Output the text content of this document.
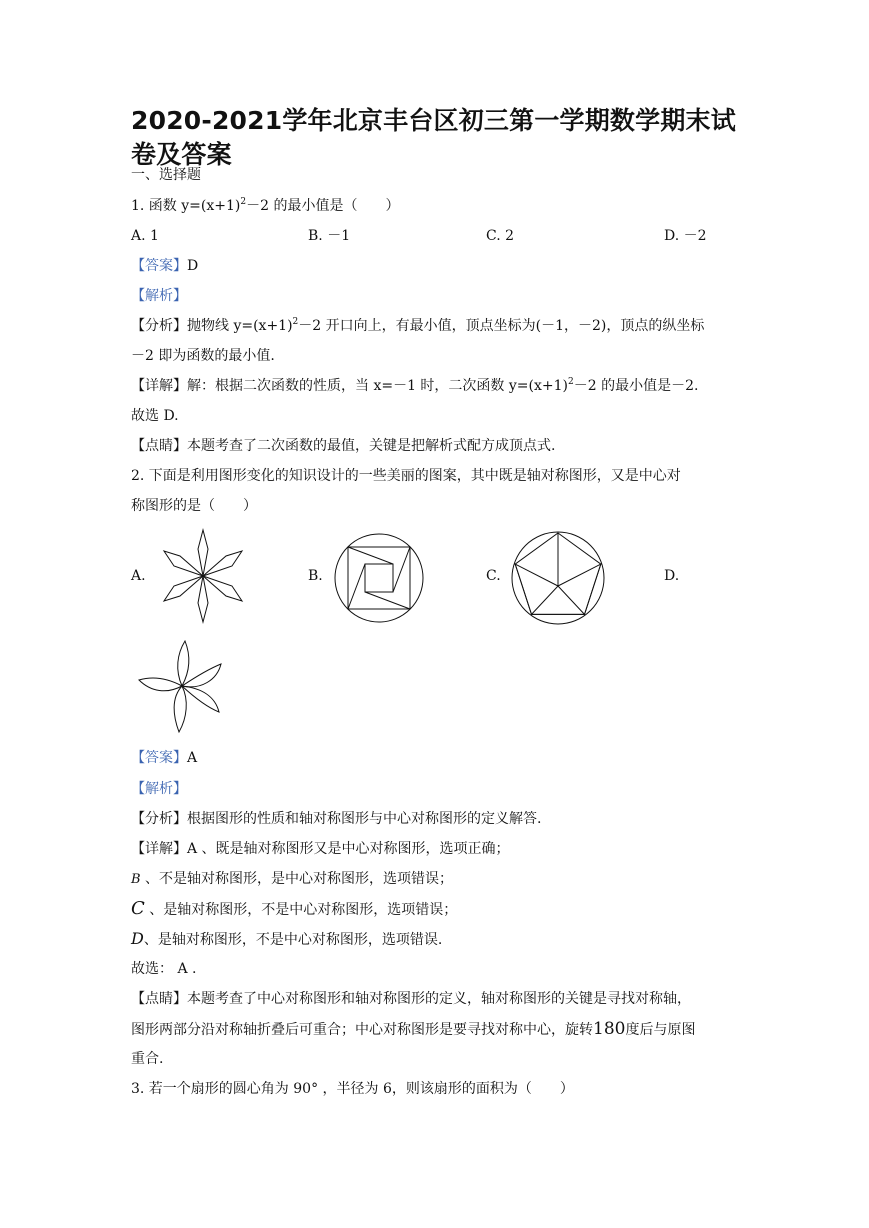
2020-2021学年北京丰台区初三第一学期数学期末试卷及答案
一、选择题
1. 函数 $y=(x+1)^2-2$ 的最小值是（　　）
A. 1	B. －1	C. 2	D. －2
【答案】D
【解析】
【分析】抛物线 $y=(x+1)^2-2$ 开口向上，有最小值，顶点坐标为(－1，－2)，顶点的纵坐标
－2 即为函数的最小值.
【详解】解：根据二次函数的性质，当 x=－1 时，二次函数 $y=(x+1)^2-2$ 的最小值是－2.
故选 D.
【点睛】本题考查了二次函数的最值，关键是把解析式配方成顶点式.
2. 下面是利用图形变化的知识设计的一些美丽的图案，其中既是轴对称图形，又是中心对
称图形的是（　　）
A.	B.	C.	D.
【答案】A
【解析】
【分析】根据图形的性质和轴对称图形与中心对称图形的定义解答.
【详解】A 、既是轴对称图形又是中心对称图形，选项正确；
B 、不是轴对称图形，是中心对称图形，选项错误；
C 、是轴对称图形，不是中心对称图形，选项错误；
D、是轴对称图形，不是中心对称图形，选项错误.
故选： A .
【点睛】本题考查了中心对称图形和轴对称图形的定义，轴对称图形的关键是寻找对称轴，
图形两部分沿对称轴折叠后可重合；中心对称图形是要寻找对称中心，旋转180度后与原图
重合.
3. 若一个扇形的圆心角为 90° ，半径为 6，则该扇形的面积为（　　）
